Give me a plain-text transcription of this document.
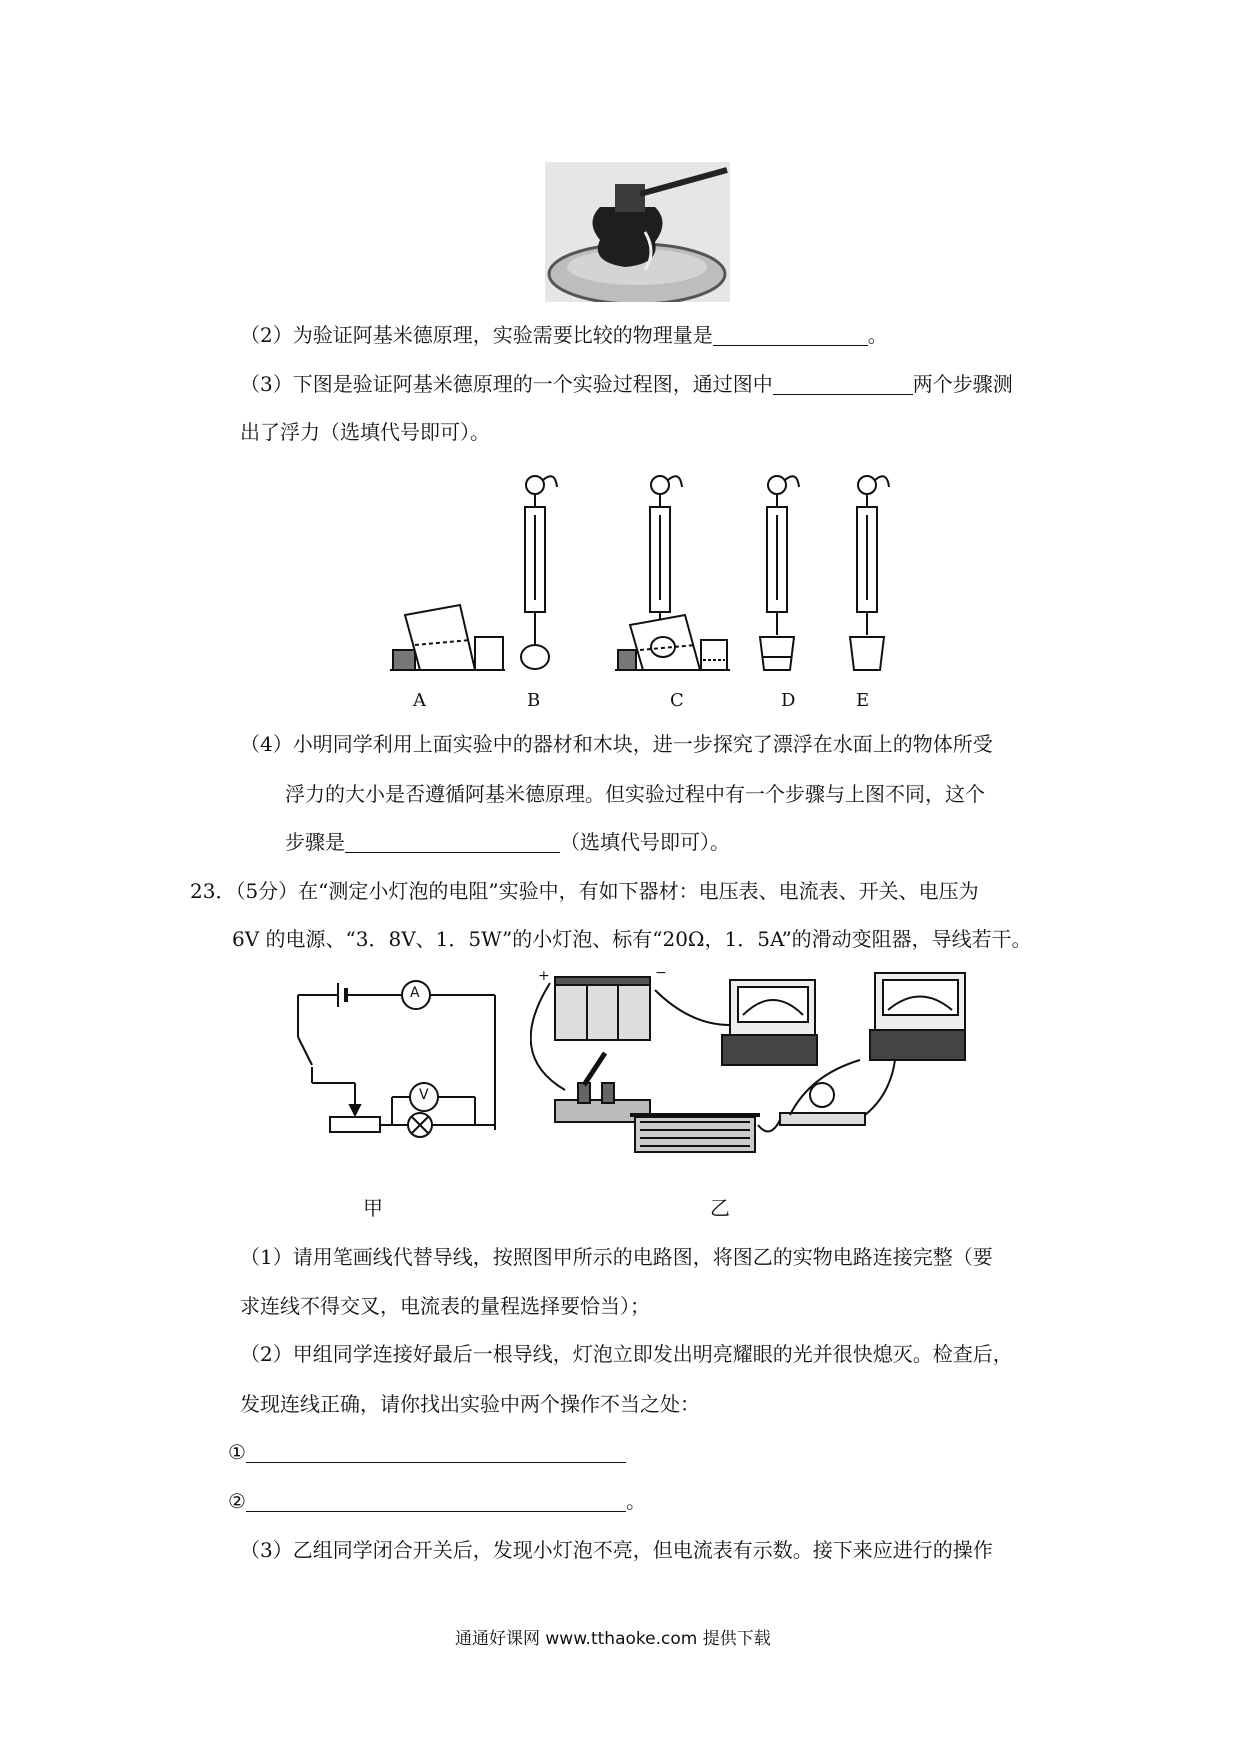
（2）为验证阿基米德原理，实验需要比较的物理量是	。
（3）下图是验证阿基米德原理的一个实验过程图，通过图中	两个步骤测
出了浮力（选填代号即可）。
A	B	C	D	E
（4）小明同学利用上面实验中的器材和木块，进一步探究了漂浮在水面上的物体所受
浮力的大小是否遵循阿基米德原理。但实验过程中有一个步骤与上图不同，这个
步骤是	（选填代号即可）。
23．（5分）在“测定小灯泡的电阻”实验中，有如下器材：电压表、电流表、开关、电压为
6V 的电源、“3．8V、1．5W”的小灯泡、标有“20Ω，1．5A”的滑动变阻器，导线若干。
A
V
+	−
甲	乙
（1）请用笔画线代替导线，按照图甲所示的电路图，将图乙的实物电路连接完整（要
求连线不得交叉，电流表的量程选择要恰当）；
（2）甲组同学连接好最后一根导线，灯泡立即发出明亮耀眼的光并很快熄灭。检查后，
发现连线正确，请你找出实验中两个操作不当之处：
①
②	。
（3）乙组同学闭合开关后，发现小灯泡不亮，但电流表有示数。接下来应进行的操作
通通好课网 www.tthaoke.com 提供下载
